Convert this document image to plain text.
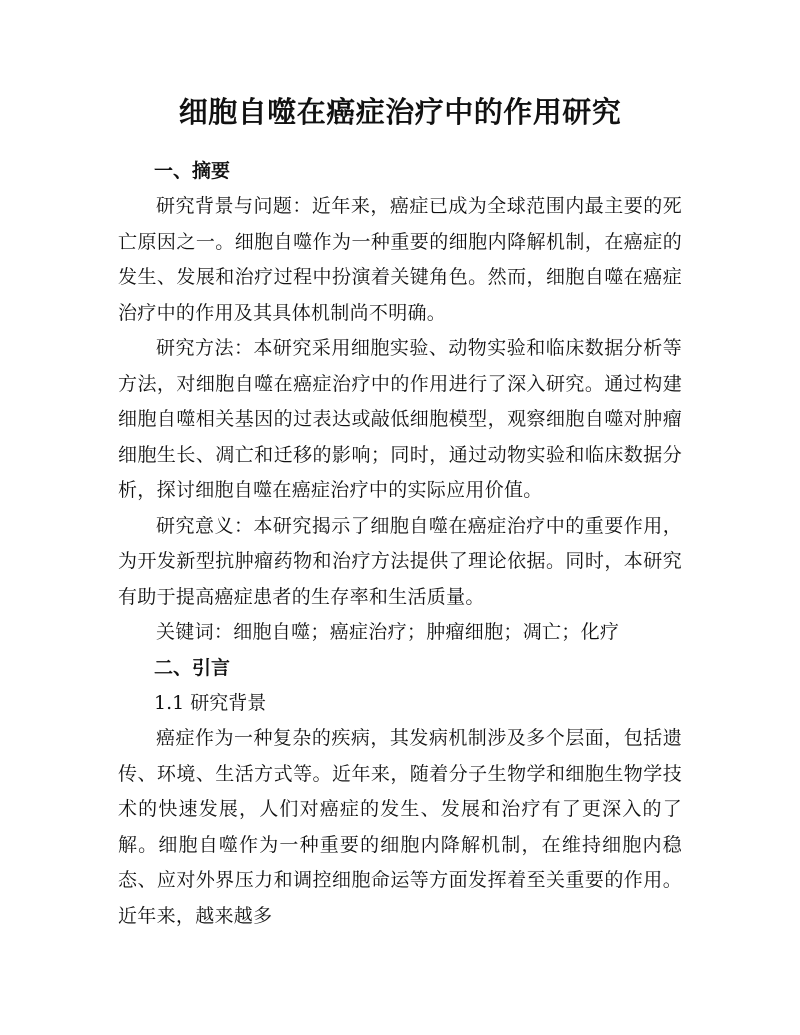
细胞自噬在癌症治疗中的作用研究
一、摘要

研究背景与问题：近年来，癌症已成为全球范围内最主要的死亡原因之一。细胞自噬作为一种重要的细胞内降解机制，在癌症的发生、发展和治疗过程中扮演着关键角色。然而，细胞自噬在癌症治疗中的作用及其具体机制尚不明确。

研究方法：本研究采用细胞实验、动物实验和临床数据分析等方法，对细胞自噬在癌症治疗中的作用进行了深入研究。通过构建细胞自噬相关基因的过表达或敲低细胞模型，观察细胞自噬对肿瘤细胞生长、凋亡和迁移的影响；同时，通过动物实验和临床数据分析，探讨细胞自噬在癌症治疗中的实际应用价值。

研究意义：本研究揭示了细胞自噬在癌症治疗中的重要作用，为开发新型抗肿瘤药物和治疗方法提供了理论依据。同时，本研究有助于提高癌症患者的生存率和生活质量。

关键词：细胞自噬；癌症治疗；肿瘤细胞；凋亡；化疗

二、引言

1.1 研究背景

癌症作为一种复杂的疾病，其发病机制涉及多个层面，包括遗传、环境、生活方式等。近年来，随着分子生物学和细胞生物学技术的快速发展，人们对癌症的发生、发展和治疗有了更深入的了解。细胞自噬作为一种重要的细胞内降解机制，在维持细胞内稳态、应对外界压力和调控细胞命运等方面发挥着至关重要的作用。近年来，越来越多
